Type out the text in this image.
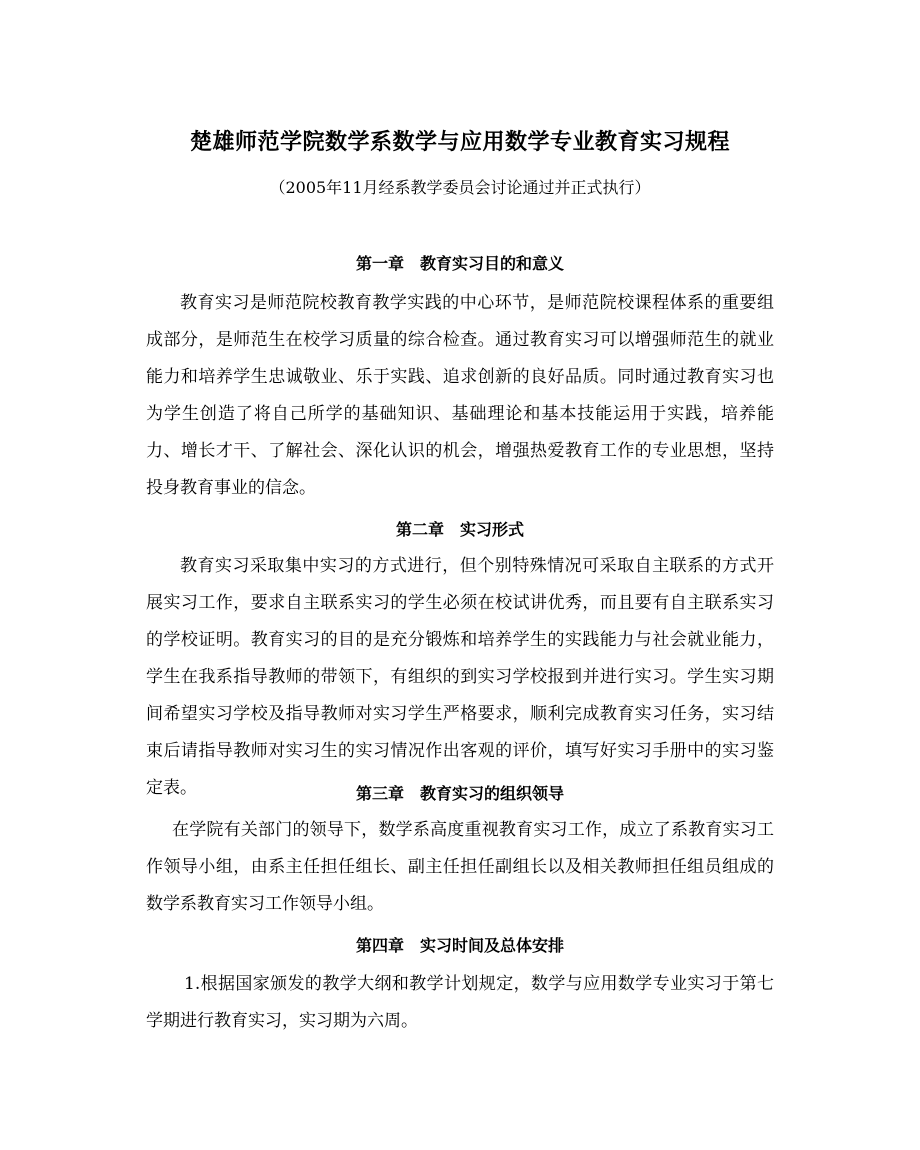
楚雄师范学院数学系数学与应用数学专业教育实习规程
（2005年11月经系教学委员会讨论通过并正式执行）
第一章　教育实习目的和意义

教育实习是师范院校教育教学实践的中心环节，是师范院校课程体系的重要组成部分，是师范生在校学习质量的综合检查。通过教育实习可以增强师范生的就业能力和培养学生忠诚敬业、乐于实践、追求创新的良好品质。同时通过教育实习也为学生创造了将自己所学的基础知识、基础理论和基本技能运用于实践，培养能力、增长才干、了解社会、深化认识的机会，增强热爱教育工作的专业思想，坚持投身教育事业的信念。

第二章　实习形式

教育实习采取集中实习的方式进行，但个别特殊情况可采取自主联系的方式开展实习工作，要求自主联系实习的学生必须在校试讲优秀，而且要有自主联系实习的学校证明。教育实习的目的是充分锻炼和培养学生的实践能力与社会就业能力，学生在我系指导教师的带领下，有组织的到实习学校报到并进行实习。学生实习期间希望实习学校及指导教师对实习学生严格要求，顺利完成教育实习任务，实习结束后请指导教师对实习生的实习情况作出客观的评价，填写好实习手册中的实习鉴定表。	第三章　教育实习的组织领导

在学院有关部门的领导下，数学系高度重视教育实习工作，成立了系教育实习工作领导小组，由系主任担任组长、副主任担任副组长以及相关教师担任组员组成的数学系教育实习工作领导小组。

第四章　实习时间及总体安排

1.根据国家颁发的教学大纲和教学计划规定，数学与应用数学专业实习于第七学期进行教育实习，实习期为六周。
